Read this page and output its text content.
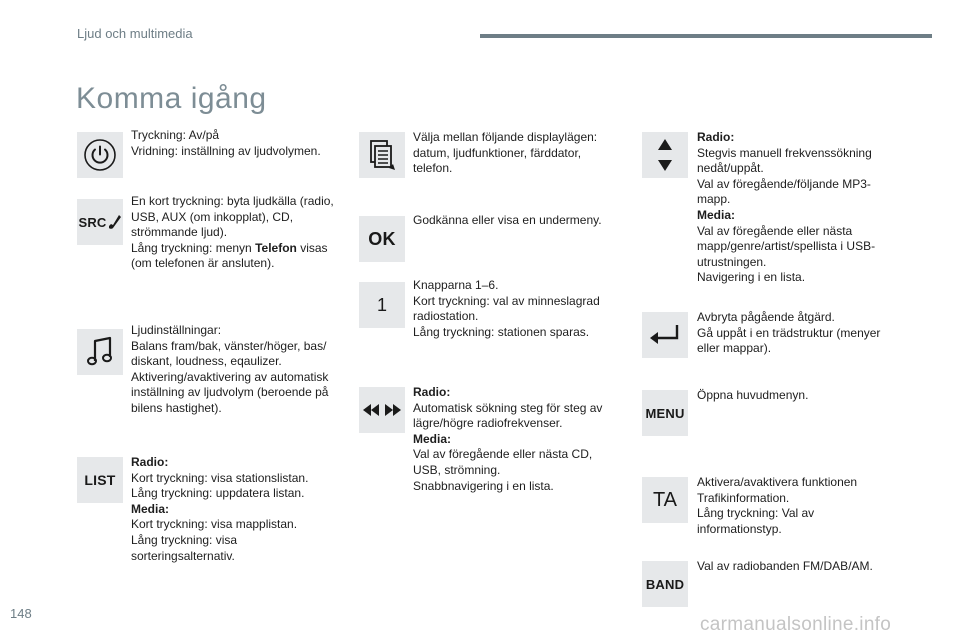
Ljud och multimedia
Komma igång

Tryckning: Av/på

Vridning: inställning av ljudvolymen.

SRC

En kort tryckning: byta ljudkälla (radio, USB, AUX (om inkopplat), CD, strömmande ljud).

Lång tryckning: menyn Telefon visas (om telefonen är ansluten).

Ljudinställningar:

Balans fram/bak, vänster/höger, bas/ diskant, loudness, eqaulizer.

Aktivering/avaktivering av automatisk inställning av ljudvolym (beroende på bilens hastighet).

LIST

Radio:

Kort tryckning: visa stationslistan.

Lång tryckning: uppdatera listan.

Media:

Kort tryckning: visa mapplistan.

Lång tryckning: visa sorteringsalternativ.

Välja mellan följande displaylägen: datum, ljudfunktioner, färddator, telefon.

OK

Godkänna eller visa en undermeny.

1

Knapparna 1–6.

Kort tryckning: val av minneslagrad radiostation.

Lång tryckning: stationen sparas.

Radio:

Automatisk sökning steg för steg av lägre/högre radiofrekvenser.

Media:

Val av föregående eller nästa CD, USB, strömning.

Snabbnavigering i en lista.

Radio:

Stegvis manuell frekvenssökning nedåt/uppåt.

Val av föregående/följande MP3-mapp.

Media:

Val av föregående eller nästa mapp/genre/artist/spellista i USB-utrustningen.

Navigering i en lista.

Avbryta pågående åtgärd.

Gå uppåt i en trädstruktur (menyer eller mappar).

MENU

Öppna huvudmenyn.

TA

Aktivera/avaktivera funktionen Trafikinformation.

Lång tryckning: Val av informationstyp.

BAND

Val av radiobanden FM/DAB/AM.

148
carmanualsonline.info
